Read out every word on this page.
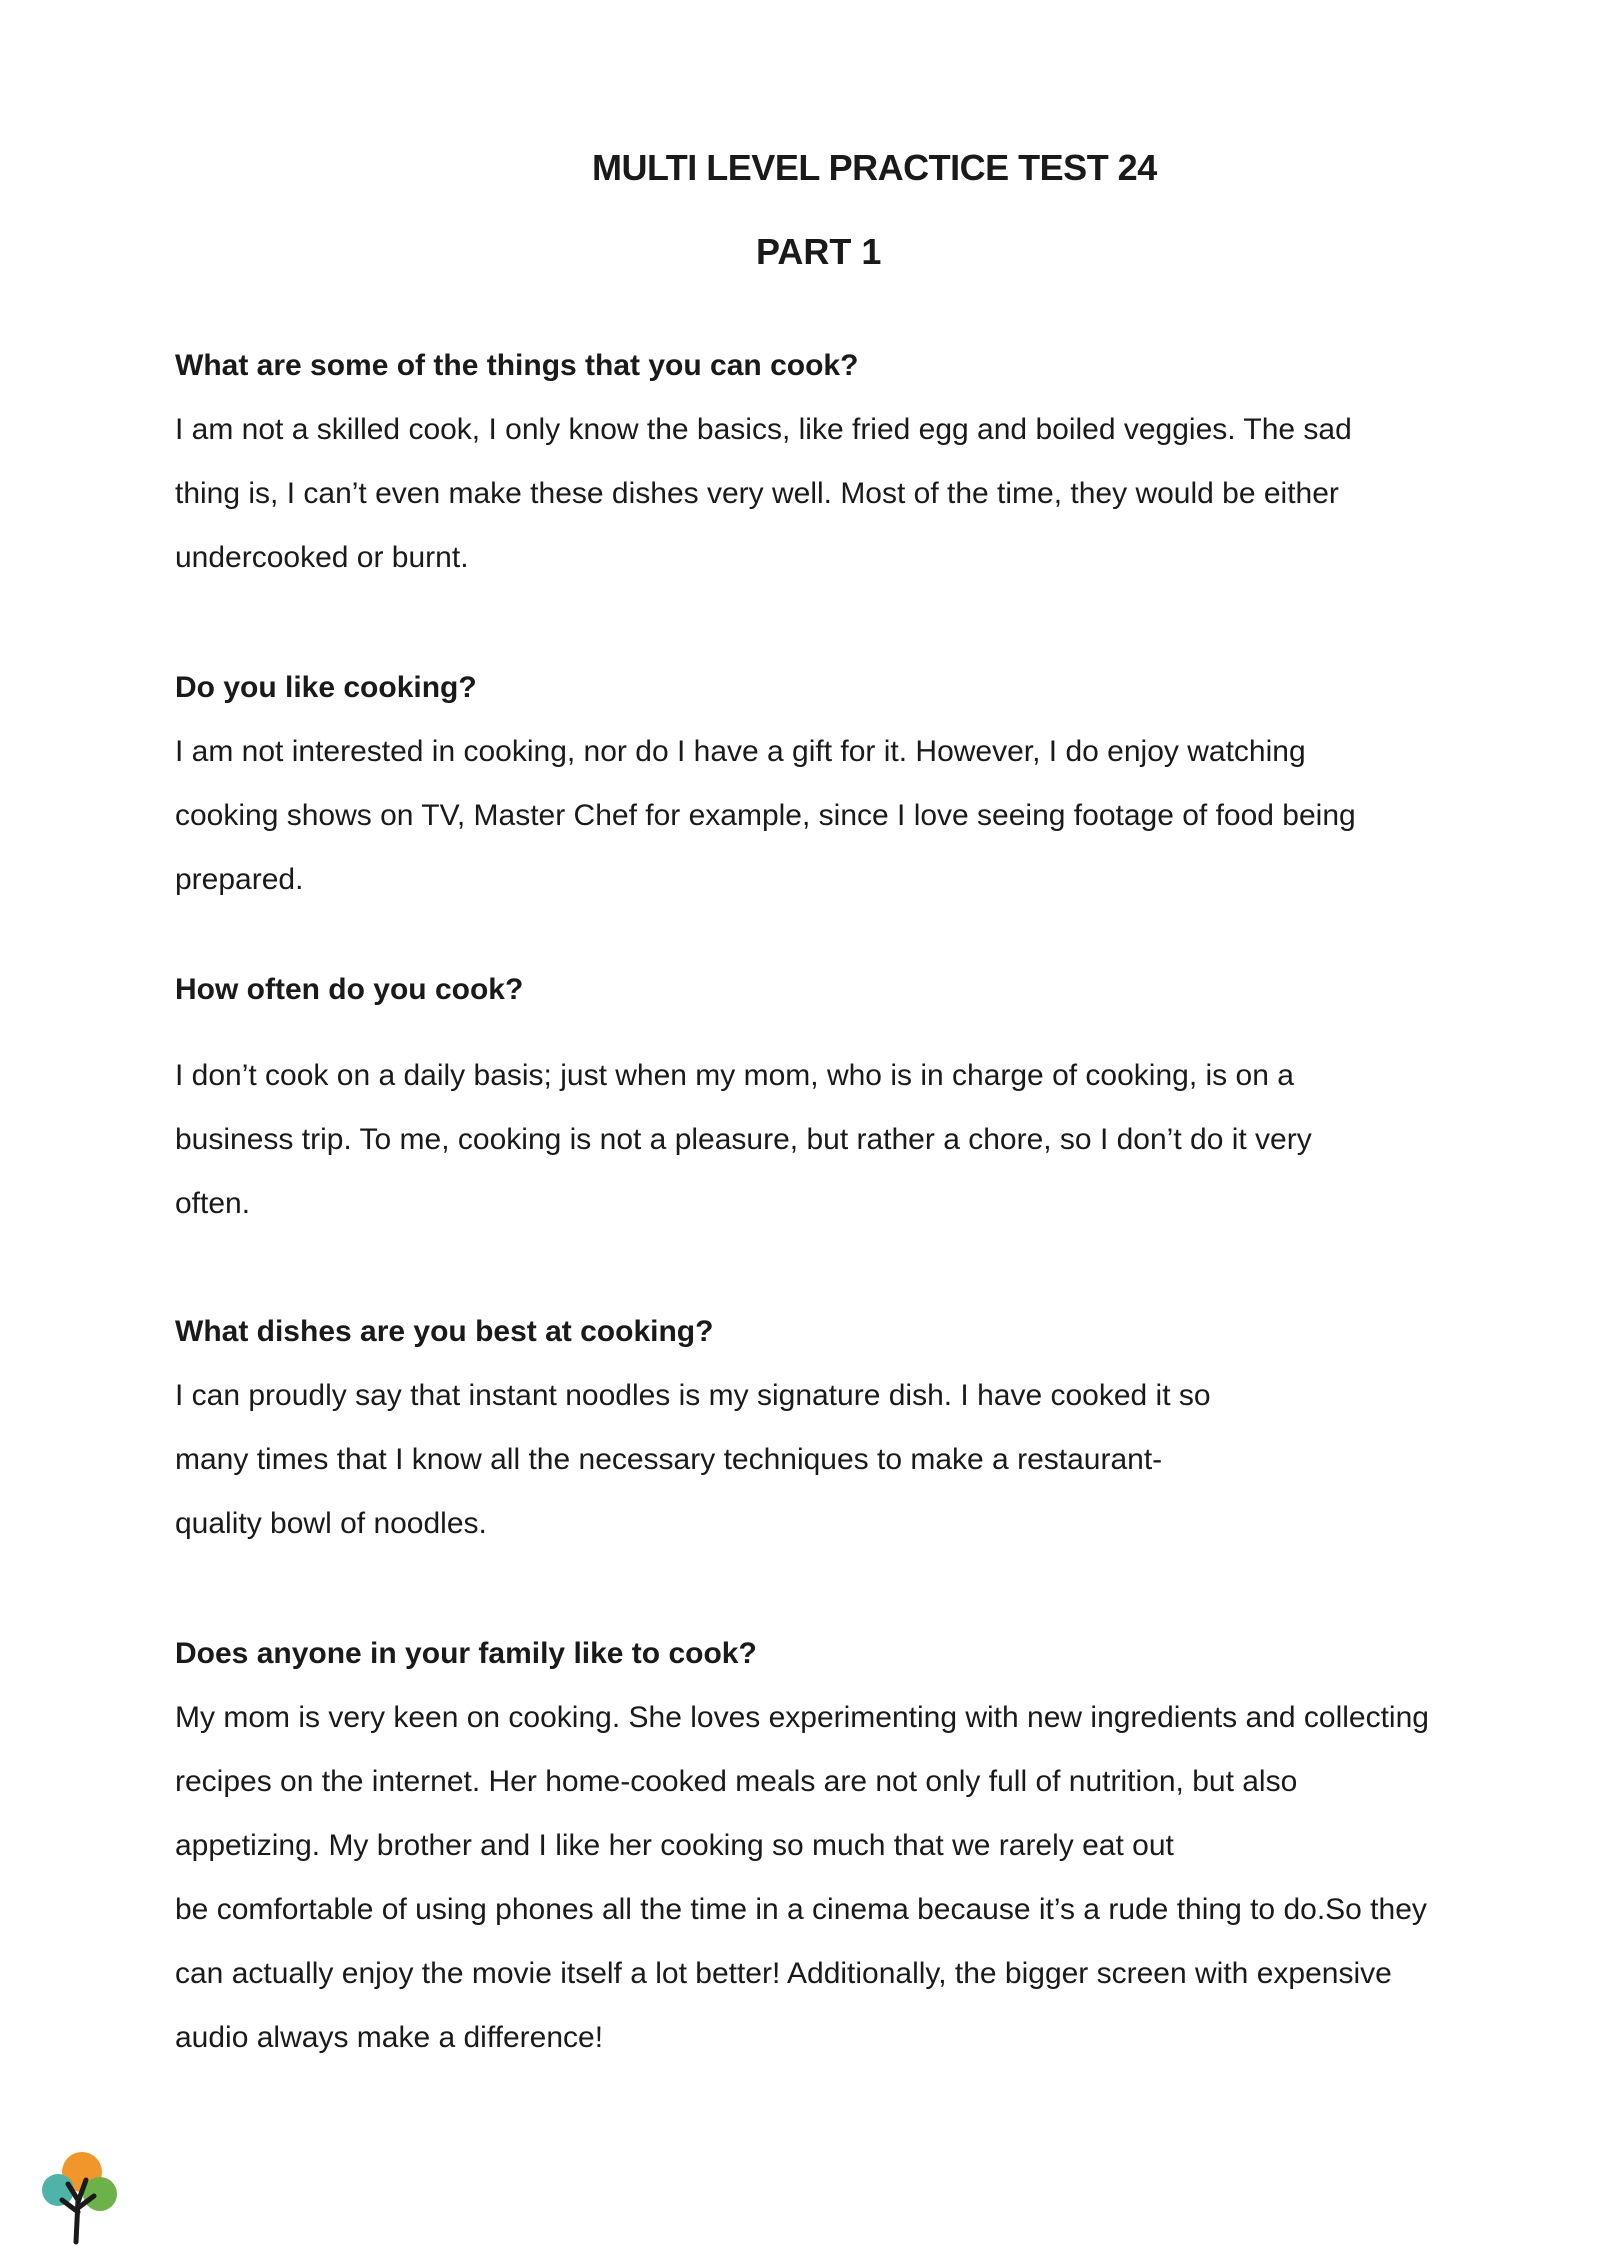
MULTI LEVEL PRACTICE TEST 24
PART 1

What are some of the things that you can cook?

I am not a skilled cook, I only know the basics, like fried egg and boiled veggies. The sad

thing is, I can’t even make these dishes very well. Most of the time, they would be either

undercooked or burnt.

Do you like cooking?

I am not interested in cooking, nor do I have a gift for it. However, I do enjoy watching

cooking shows on TV, Master Chef for example, since I love seeing footage of food being

prepared.

How often do you cook?

I don’t cook on a daily basis; just when my mom, who is in charge of cooking, is on a

business trip. To me, cooking is not a pleasure, but rather a chore, so I don’t do it very

often.

What dishes are you best at cooking?

I can proudly say that instant noodles is my signature dish. I have cooked it so

many times that I know all the necessary techniques to make a restaurant-

quality bowl of noodles.

Does anyone in your family like to cook?

My mom is very keen on cooking. She loves experimenting with new ingredients and collecting

recipes on the internet. Her home-cooked meals are not only full of nutrition, but also

appetizing. My brother and I like her cooking so much that we rarely eat out

be comfortable of using phones all the time in a cinema because it’s a rude thing to do.So they

can actually enjoy the movie itself a lot better! Additionally, the bigger screen with expensive

audio always make a difference!
